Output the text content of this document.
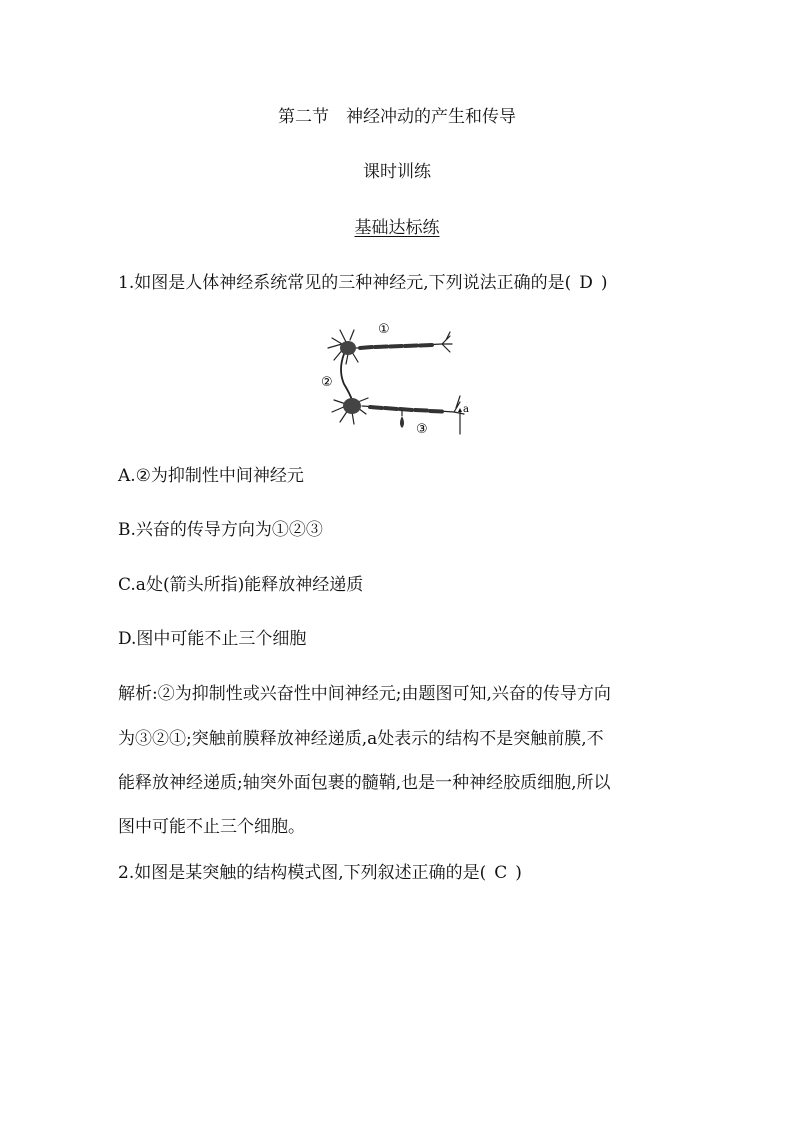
第二节　神经冲动的产生和传导
课时训练
基础达标练
1.如图是人体神经系统常见的三种神经元,下列说法正确的是( D )
①
②
③
a
A.②为抑制性中间神经元
B.兴奋的传导方向为①②③
C.a处(箭头所指)能释放神经递质
D.图中可能不止三个细胞
解析:②为抑制性或兴奋性中间神经元;由题图可知,兴奋的传导方向
为③②①;突触前膜释放神经递质,a处表示的结构不是突触前膜,不
能释放神经递质;轴突外面包裹的髓鞘,也是一种神经胶质细胞,所以
图中可能不止三个细胞。
2.如图是某突触的结构模式图,下列叙述正确的是( C )
